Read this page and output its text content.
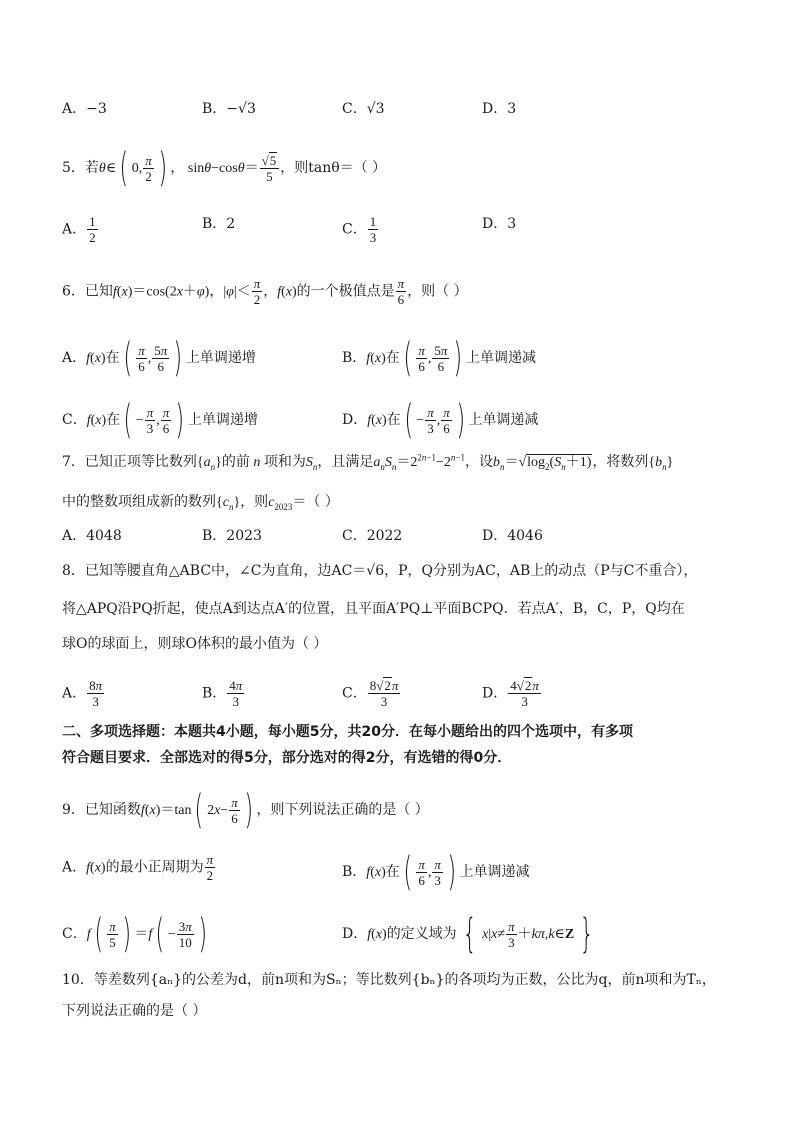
A．−3	B．−√3	C．√3	D．3
5．若θ∈( 0, $\frac{\pi}{2}$ ) ， $\sin\theta-\cos\theta= \frac{√5}{5}$ ，则tanθ＝（ ）
A． $\frac{1}{2}$	B．2	C． $\frac{1}{3}$	D．3
6．已知f(x)＝cos(2x＋φ)，$|\varphi|< \frac{\pi}{2}$ ，f(x)的一个极值点是 $\frac{\pi}{6}$ ，则（ ）
A．f(x)在( $\frac{\pi}{6}$ , $\frac{5\pi}{6}$ ) 上单调递增	B．f(x)在( $\frac{\pi}{6}$ , $\frac{5\pi}{6}$ ) 上单调递减
C．f(x)在( − $\frac{\pi}{3}$ , $\frac{\pi}{6}$ ) 上单调递增	D．f(x)在( − $\frac{\pi}{3}$ , $\frac{\pi}{6}$ ) 上单调递减
7．已知正项等比数列$\{a_n\}$的前 n 项和为$S_n$，且满足$a_nS_n=2^{2n-1}-2^{n-1}$，设$b_n=√\log_2(S_n+1)$，将数列$\{b_n\}$
中的整数项组成新的数列$\{c_n\}$，则$c_{2023}=$（ ）
A．4048	B．2023	C．2022	D．4046
8．已知等腰直角△ABC中，∠C为直角，边AC＝√6，P，Q分别为AC，AB上的动点（P与C不重合），
将△APQ沿PQ折起，使点A到达点A′的位置，且平面A′PQ⊥平面BCPQ．若点A′，B，C，P，Q均在
球O的球面上，则球O体积的最小值为（ ）
A． $\frac{8\pi}{3}$	B． $\frac{4\pi}{3}$	C． $\frac{8√2\pi}{3}$	D． $\frac{4√2\pi}{3}$
二、多项选择题：本题共4小题，每小题5分，共20分．在每小题给出的四个选项中，有多项
符合题目要求．全部选对的得5分，部分选对的得2分，有选错的得0分．
9．已知函数f(x)＝tan( $2x- \frac{\pi}{6}$ ) ，则下列说法正确的是（ ）
A．f(x)的最小正周期为 $\frac{\pi}{2}$	B．f(x)在( $\frac{\pi}{6}$ , $\frac{\pi}{3}$ ) 上单调递减
C．$f( \frac{\pi}{5}$ ) $=f( - \frac{3\pi}{10}$ )	D．f(x)的定义域为 { $x|x\ne \frac{\pi}{3}$ ＋kπ,k∈Z }
10．等差数列{aₙ}的公差为d，前n项和为Sₙ；等比数列{bₙ}的各项均为正数，公比为q，前n项和为Tₙ，
下列说法正确的是（ ）
